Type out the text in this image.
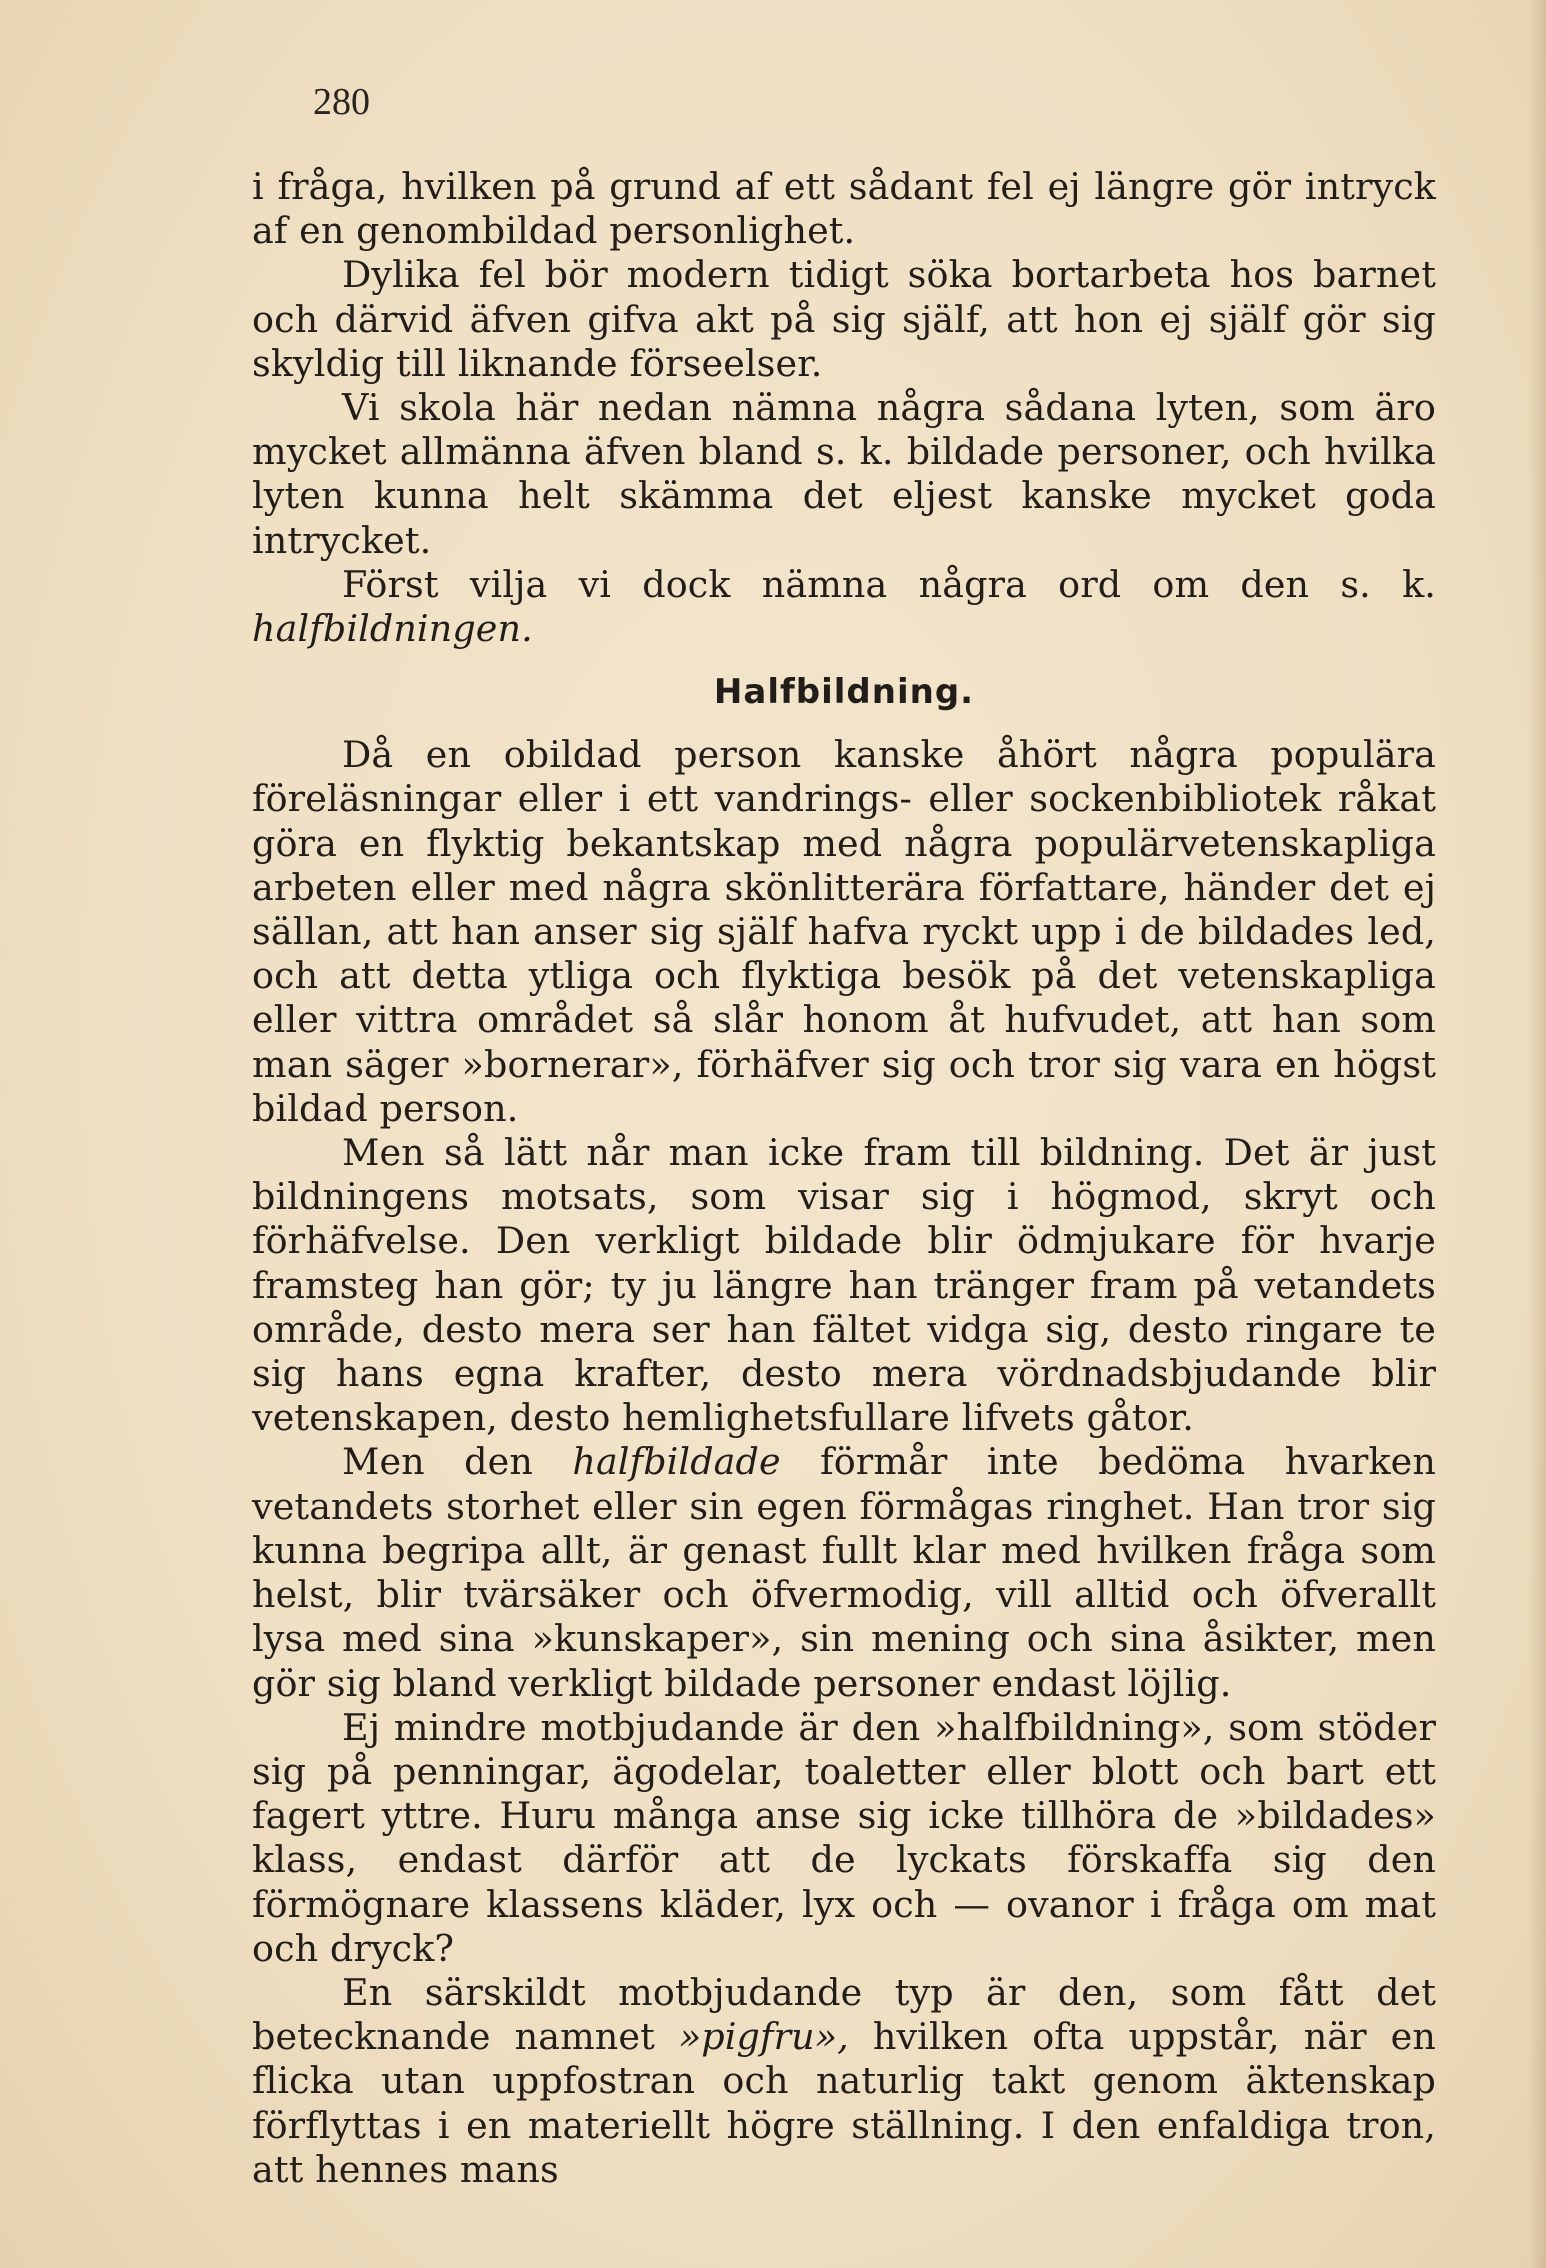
280

i fråga, hvilken på grund af ett sådant fel ej längre gör intryck af en genombildad personlighet.

Dylika fel bör modern tidigt söka bortarbeta hos barnet och därvid äfven gifva akt på sig själf, att hon ej själf gör sig skyldig till liknande förseelser.

Vi skola här nedan nämna några sådana lyten, som äro mycket allmänna äfven bland s. k. bildade personer, och hvilka lyten kunna helt skämma det eljest kanske mycket goda intrycket.

Först vilja vi dock nämna några ord om den s. k. halfbildningen.

Halfbildning.

Då en obildad person kanske åhört några populära föreläsningar eller i ett vandrings- eller sockenbibliotek råkat göra en flyktig bekantskap med några populärvetenskapliga arbeten eller med några skönlitterära författare, händer det ej sällan, att han anser sig själf hafva ryckt upp i de bildades led, och att detta ytliga och flyktiga besök på det vetenskapliga eller vittra området så slår honom åt hufvudet, att han som man säger »bornerar», förhäfver sig och tror sig vara en högst bildad person.

Men så lätt når man icke fram till bildning. Det är just bildningens motsats, som visar sig i högmod, skryt och förhäfvelse. Den verkligt bildade blir ödmjukare för hvarje framsteg han gör; ty ju längre han tränger fram på vetandets område, desto mera ser han fältet vidga sig, desto ringare te sig hans egna krafter, desto mera vördnadsbjudande blir vetenskapen, desto hemlighetsfullare lifvets gåtor.

Men den halfbildade förmår inte bedöma hvarken vetandets storhet eller sin egen förmågas ringhet. Han tror sig kunna begripa allt, är genast fullt klar med hvilken fråga som helst, blir tvärsäker och öfvermodig, vill alltid och öfverallt lysa med sina »kunskaper», sin mening och sina åsikter, men gör sig bland verkligt bildade personer endast löjlig.

Ej mindre motbjudande är den »halfbildning», som stöder sig på penningar, ägodelar, toaletter eller blott och bart ett fagert yttre. Huru många anse sig icke tillhöra de »bildades» klass, endast därför att de lyckats förskaffa sig den förmögnare klassens kläder, lyx och — ovanor i fråga om mat och dryck?

En särskildt motbjudande typ är den, som fått det betecknande namnet »pigfru», hvilken ofta uppstår, när en flicka utan uppfostran och naturlig takt genom äktenskap förflyttas i en materiellt högre ställning. I den enfaldiga tron, att hennes mans
